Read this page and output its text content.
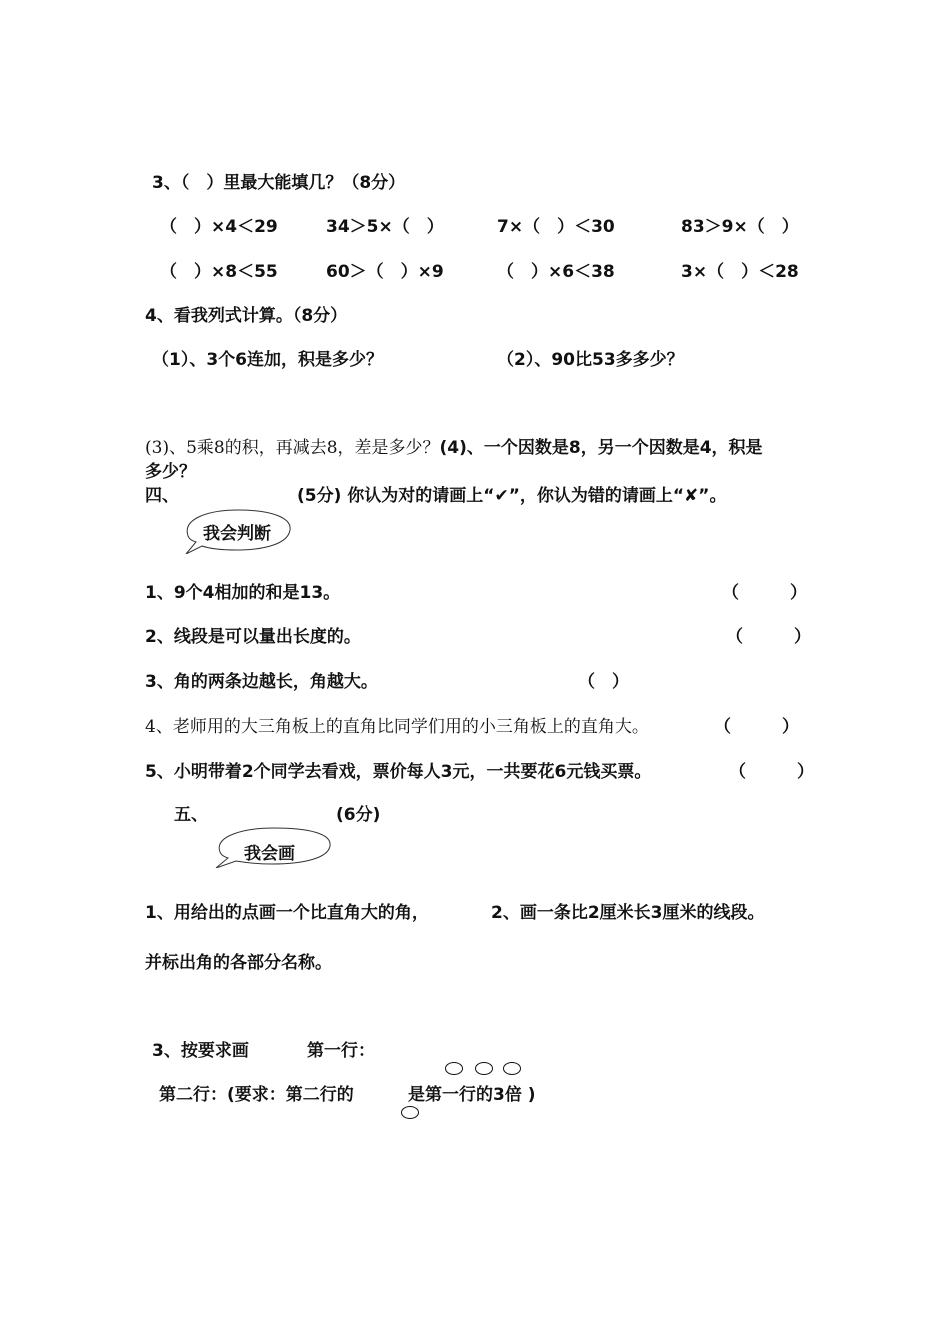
3、（　）里最大能填几？（8分）
（　）×4＜29	34＞5×（　）	7×（　）＜30	83＞9×（　）
（　）×8＜55	60＞（　）×9	（　）×6＜38	3×（　）＜28
4、看我列式计算。（8分）
（1）、3个6连加，积是多少？	（2）、90比53多多少？
(3)、5乘8的积，再减去8，差是多少？(4)、一个因数是8，另一个因数是4，积是
多少？
四、	(5分) 你认为对的请画上“✔”，你认为错的请画上“✘”。
我会判断
1、9个4相加的和是13。	（　　　）
2、线段是可以量出长度的。	（　　　）
3、角的两条边越长，角越大。	（　）
4、老师用的大三角板上的直角比同学们用的小三角板上的直角大。	（　　　）
5、小明带着2个同学去看戏，票价每人3元，一共要花6元钱买票。	（　　　）
五、	(6分)
我会画
1、用给出的点画一个比直角大的角，	2、画一条比2厘米长3厘米的线段。
并标出角的各部分名称。
3、按要求画	第一行：
第二行：(要求：第二行的	是第一行的3倍 )
